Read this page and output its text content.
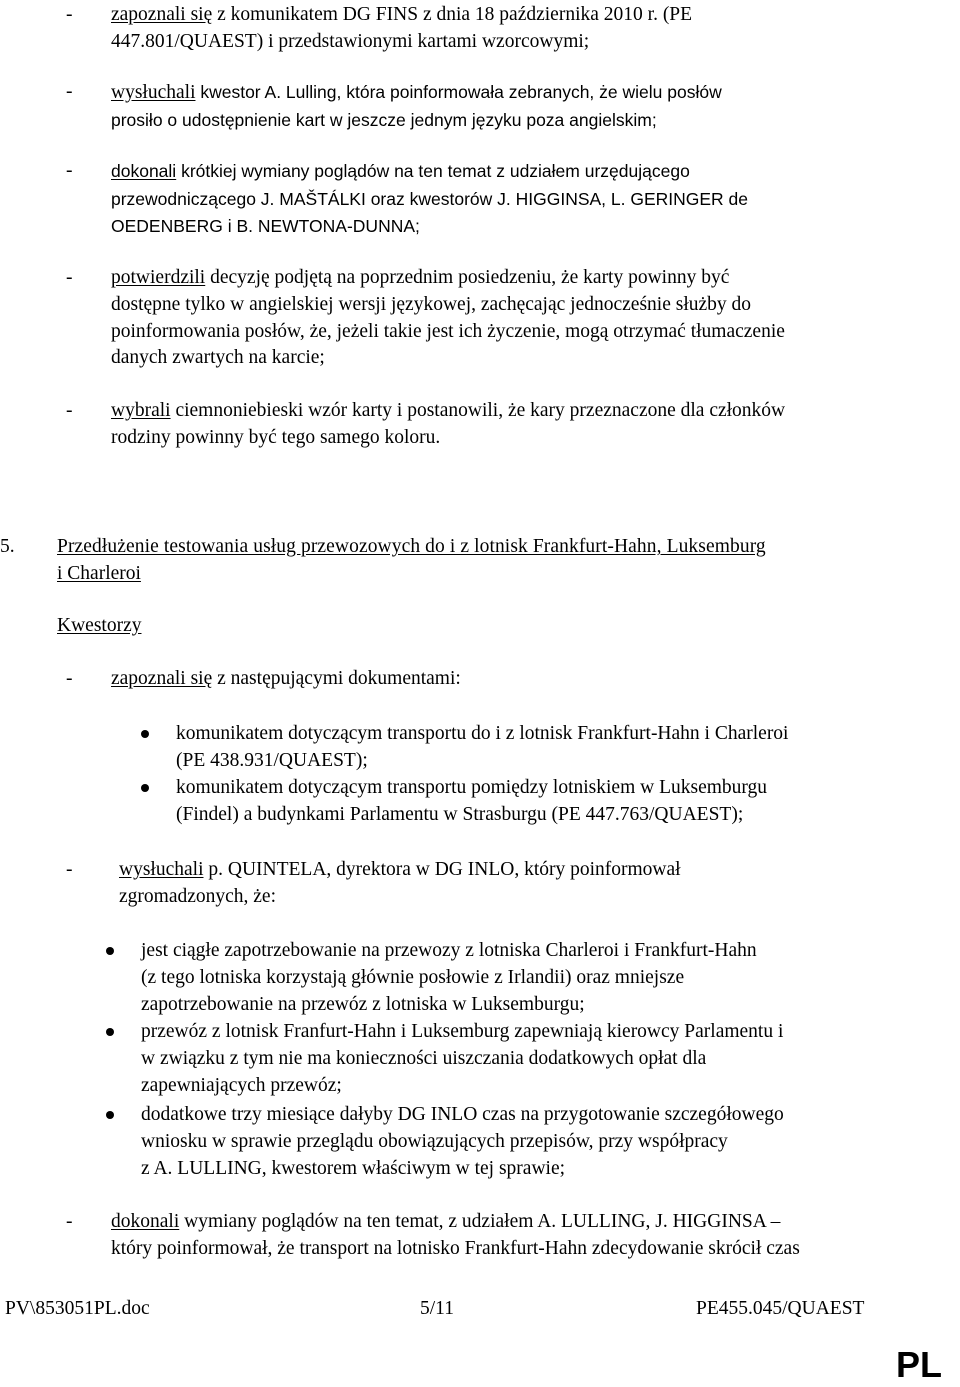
- zapoznali się z komunikatem DG FINS z dnia 18 października 2010 r. (PE
447.801/QUAEST) i przedstawionymi kartami wzorcowymi;
- wysłuchali kwestor A. Lulling, która poinformowała zebranych, że wielu posłów
prosiło o udostępnienie kart w jeszcze jednym języku poza angielskim;
- dokonali krótkiej wymiany poglądów na ten temat z udziałem urzędującego
przewodniczącego J. MAŠTÁLKI oraz kwestorów J. HIGGINSA, L. GERINGER de
OEDENBERG i B. NEWTONA-DUNNA;
- potwierdzili decyzję podjętą na poprzednim posiedzeniu, że karty powinny być
dostępne tylko w angielskiej wersji językowej, zachęcając jednocześnie służby do
poinformowania posłów, że, jeżeli takie jest ich życzenie, mogą otrzymać tłumaczenie
danych zwartych na karcie;
- wybrali ciemnoniebieski wzór karty i postanowili, że kary przeznaczone dla członków
rodziny powinny być tego samego koloru.
5. Przedłużenie testowania usług przewozowych do i z lotnisk Frankfurt-Hahn, Luksemburg
i Charleroi
Kwestorzy
- zapoznali się z następującymi dokumentami:
komunikatem dotyczącym transportu do i z lotnisk Frankfurt-Hahn i Charleroi
(PE 438.931/QUAEST);
komunikatem dotyczącym transportu pomiędzy lotniskiem w Luksemburgu
(Findel) a budynkami Parlamentu w Strasburgu (PE 447.763/QUAEST);
- wysłuchali p. QUINTELA, dyrektora w DG INLO, który poinformował
zgromadzonych, że:
jest ciągłe zapotrzebowanie na przewozy z lotniska Charleroi i Frankfurt-Hahn
(z tego lotniska korzystają głównie posłowie z Irlandii) oraz mniejsze
zapotrzebowanie na przewóz z lotniska w Luksemburgu;
przewóz z lotnisk Franfurt-Hahn i Luksemburg zapewniają kierowcy Parlamentu i
w związku z tym nie ma konieczności uiszczania dodatkowych opłat dla
zapewniających przewóz;
dodatkowe trzy miesiące dałyby DG INLO czas na przygotowanie szczegółowego
wniosku w sprawie przeglądu obowiązujących przepisów, przy współpracy
z A. LULLING, kwestorem właściwym w tej sprawie;
- dokonali wymiany poglądów na ten temat, z udziałem A. LULLING, J. HIGGINSA –
który poinformował, że transport na lotnisko Frankfurt-Hahn zdecydowanie skrócił czas
PV\853051PL.doc	5/11	PE455.045/QUAEST
PL
